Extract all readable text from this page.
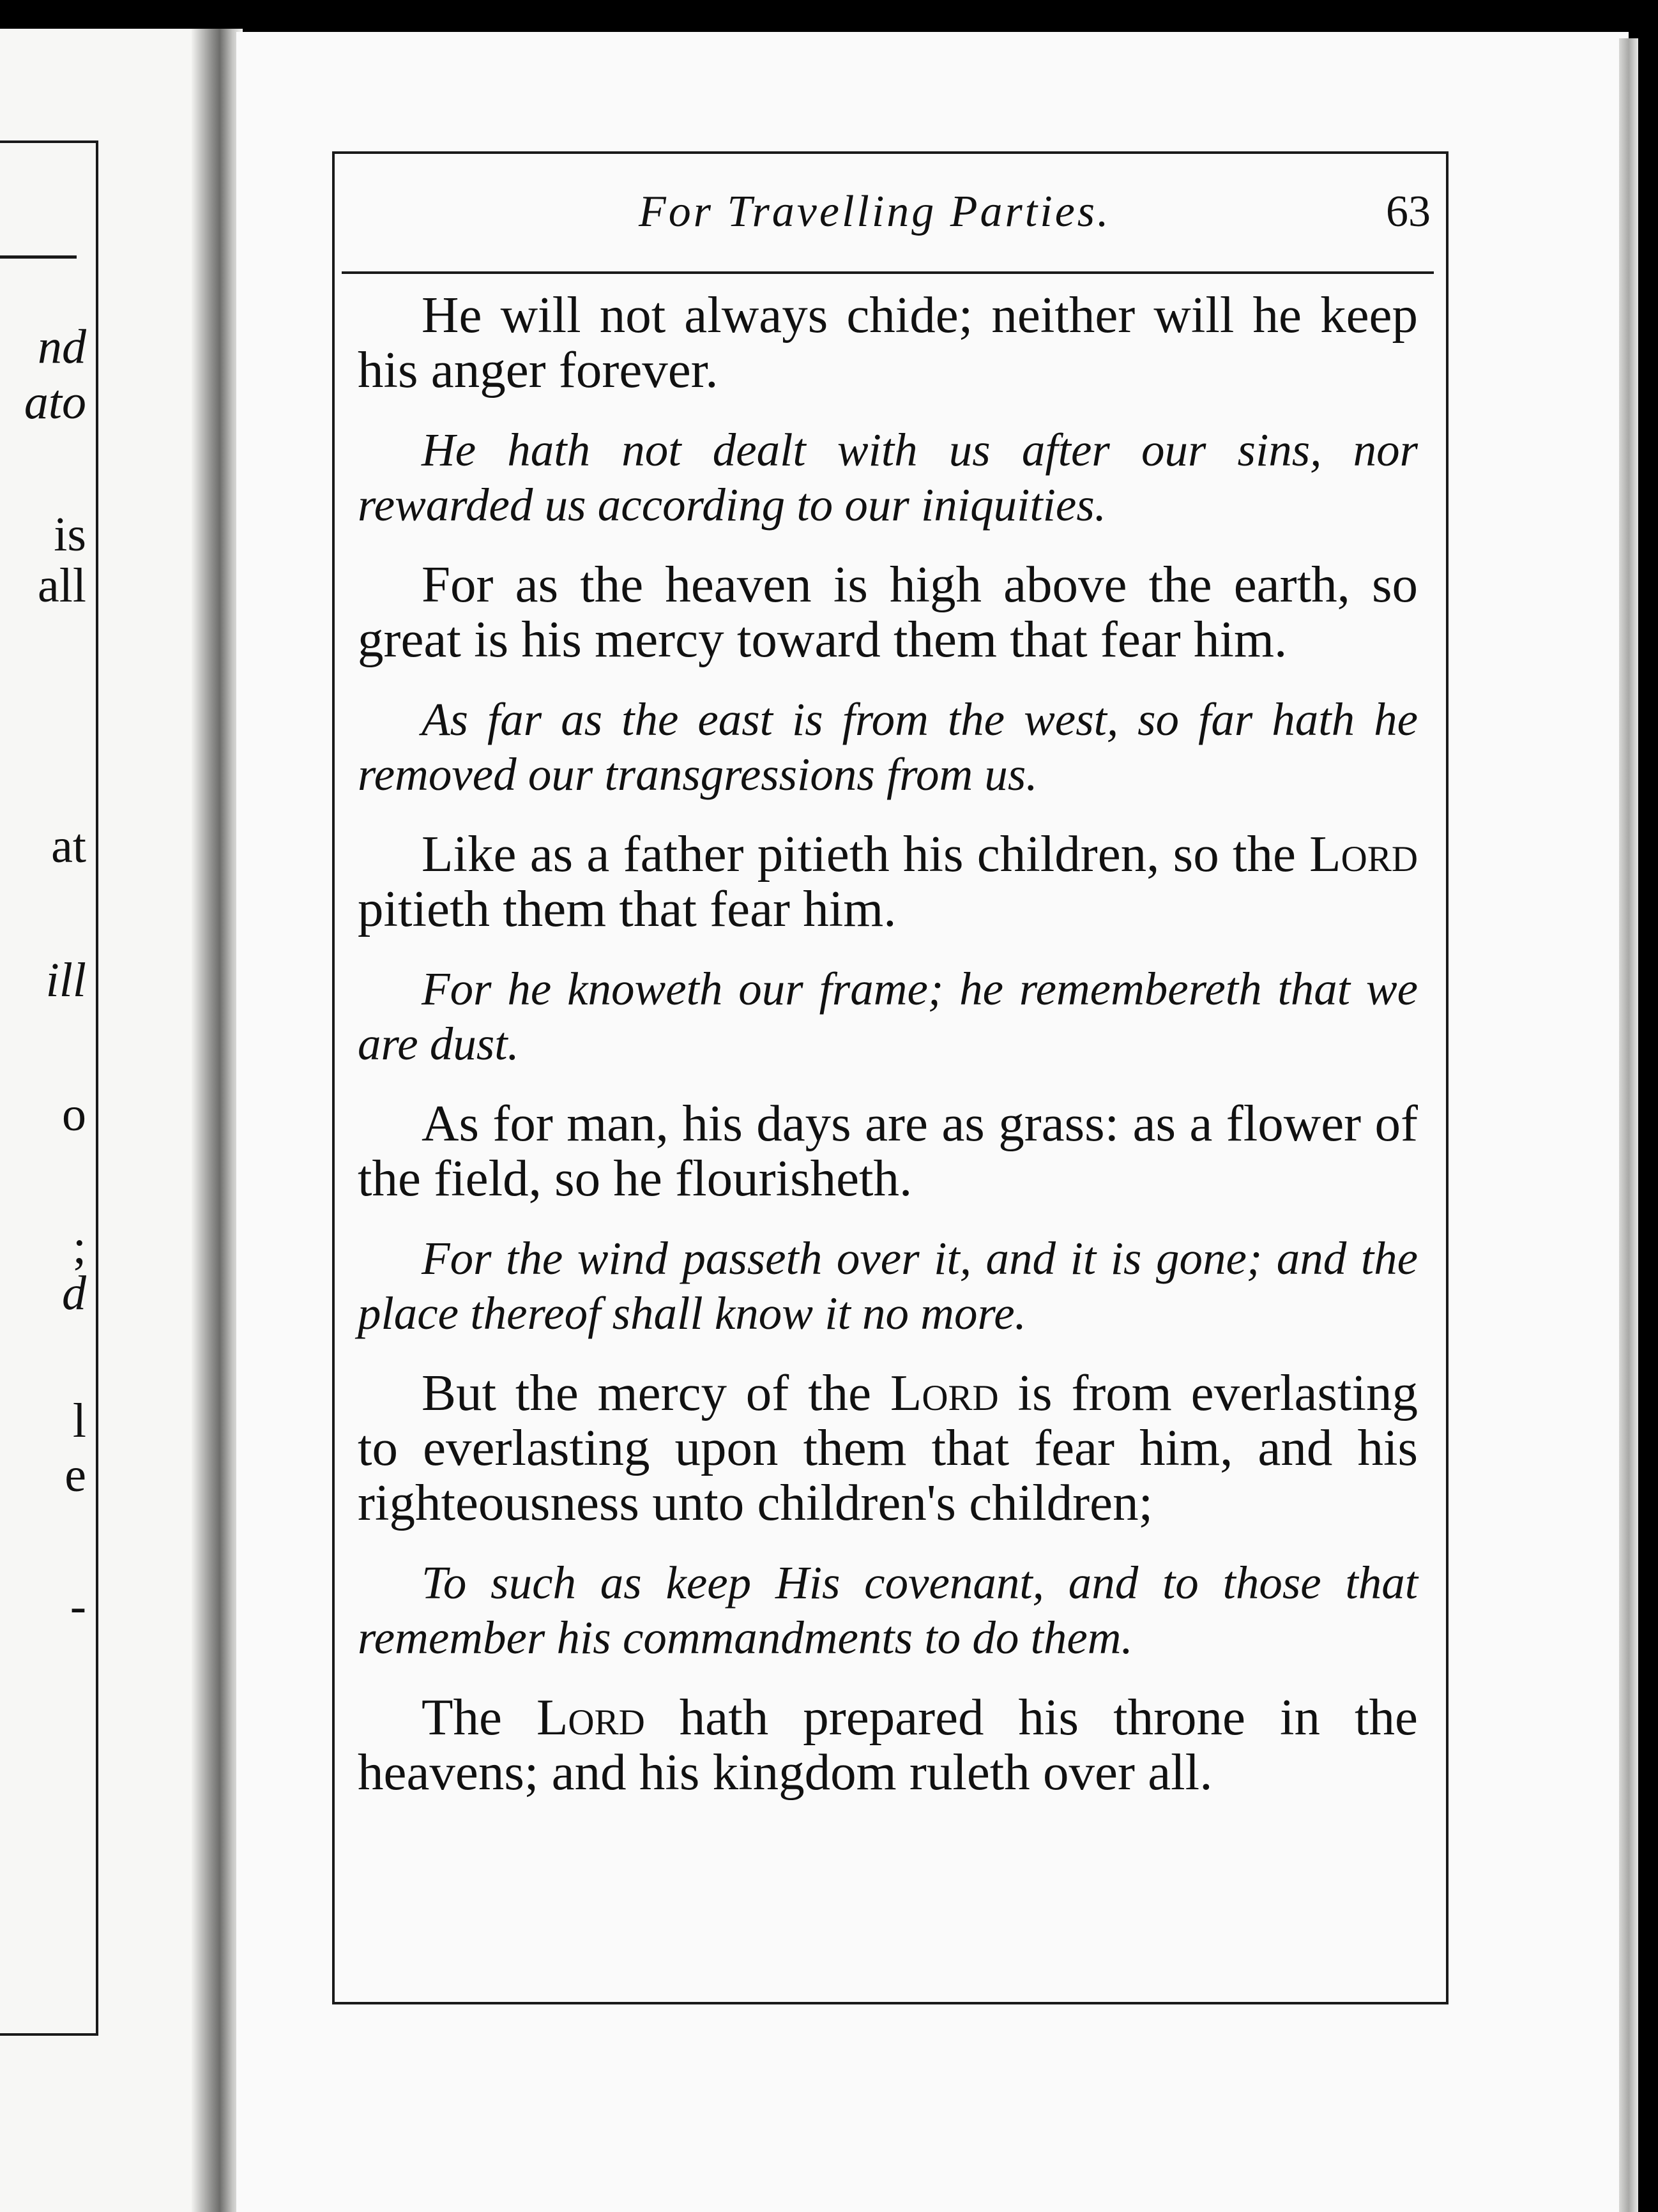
nd
ato
is
all
at
ill
o
;
d
l
e
-
For Travelling Parties.	63

He will not always chide; neither will he keep his anger forever.

He hath not dealt with us after our sins, nor rewarded us according to our iniquities.

For as the heaven is high above the earth, so great is his mercy toward them that fear him.

As far as the east is from the west, so far hath he removed our transgressions from us.

Like as a father pitieth his children, so the Lord pitieth them that fear him.

For he knoweth our frame; he remembereth that we are dust.

As for man, his days are as grass: as a flower of the field, so he flourisheth.

For the wind passeth over it, and it is gone; and the place thereof shall know it no more.

But the mercy of the Lord is from everlasting to everlasting upon them that fear him, and his righteousness unto children's children;

To such as keep His covenant, and to those that remember his commandments to do them.

The Lord hath prepared his throne in the heavens; and his kingdom ruleth over all.
